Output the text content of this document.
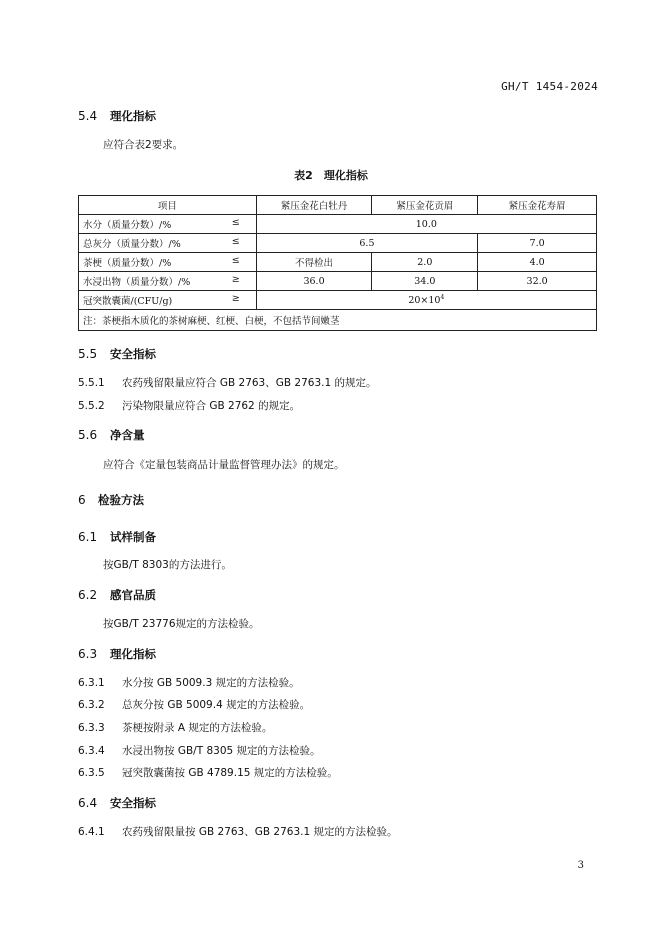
GH/T 1454-2024
5.4 理化指标
应符合表2要求。
表2　理化指标
项目	紧压金花白牡丹	紧压金花贡眉	紧压金花寿眉
水分（质量分数）/% ≤	10.0		
总灰分（质量分数）/% ≤	6.5		7.0
茶梗（质量分数）/% ≤	不得检出	2.0	4.0
水浸出物（质量分数）/% ≥	36.0	34.0	32.0
冠突散囊菌/(CFU/g) ≥	$20\times 10^4$
注：茶梗指木质化的茶树麻梗、红梗、白梗，不包括节间嫩茎			
5.5 安全指标
5.5.1 农药残留限量应符合 GB 2763、GB 2763.1 的规定。
5.5.2 污染物限量应符合 GB 2762 的规定。
5.6 净含量
应符合《定量包装商品计量监督管理办法》的规定。
6 检验方法
6.1 试样制备
按GB/T 8303的方法进行。
6.2 感官品质
按GB/T 23776规定的方法检验。
6.3 理化指标
6.3.1 水分按 GB 5009.3 规定的方法检验。
6.3.2 总灰分按 GB 5009.4 规定的方法检验。
6.3.3 茶梗按附录 A 规定的方法检验。
6.3.4 水浸出物按 GB/T 8305 规定的方法检验。
6.3.5 冠突散囊菌按 GB 4789.15 规定的方法检验。
6.4 安全指标
6.4.1 农药残留限量按 GB 2763、GB 2763.1 规定的方法检验。
3
